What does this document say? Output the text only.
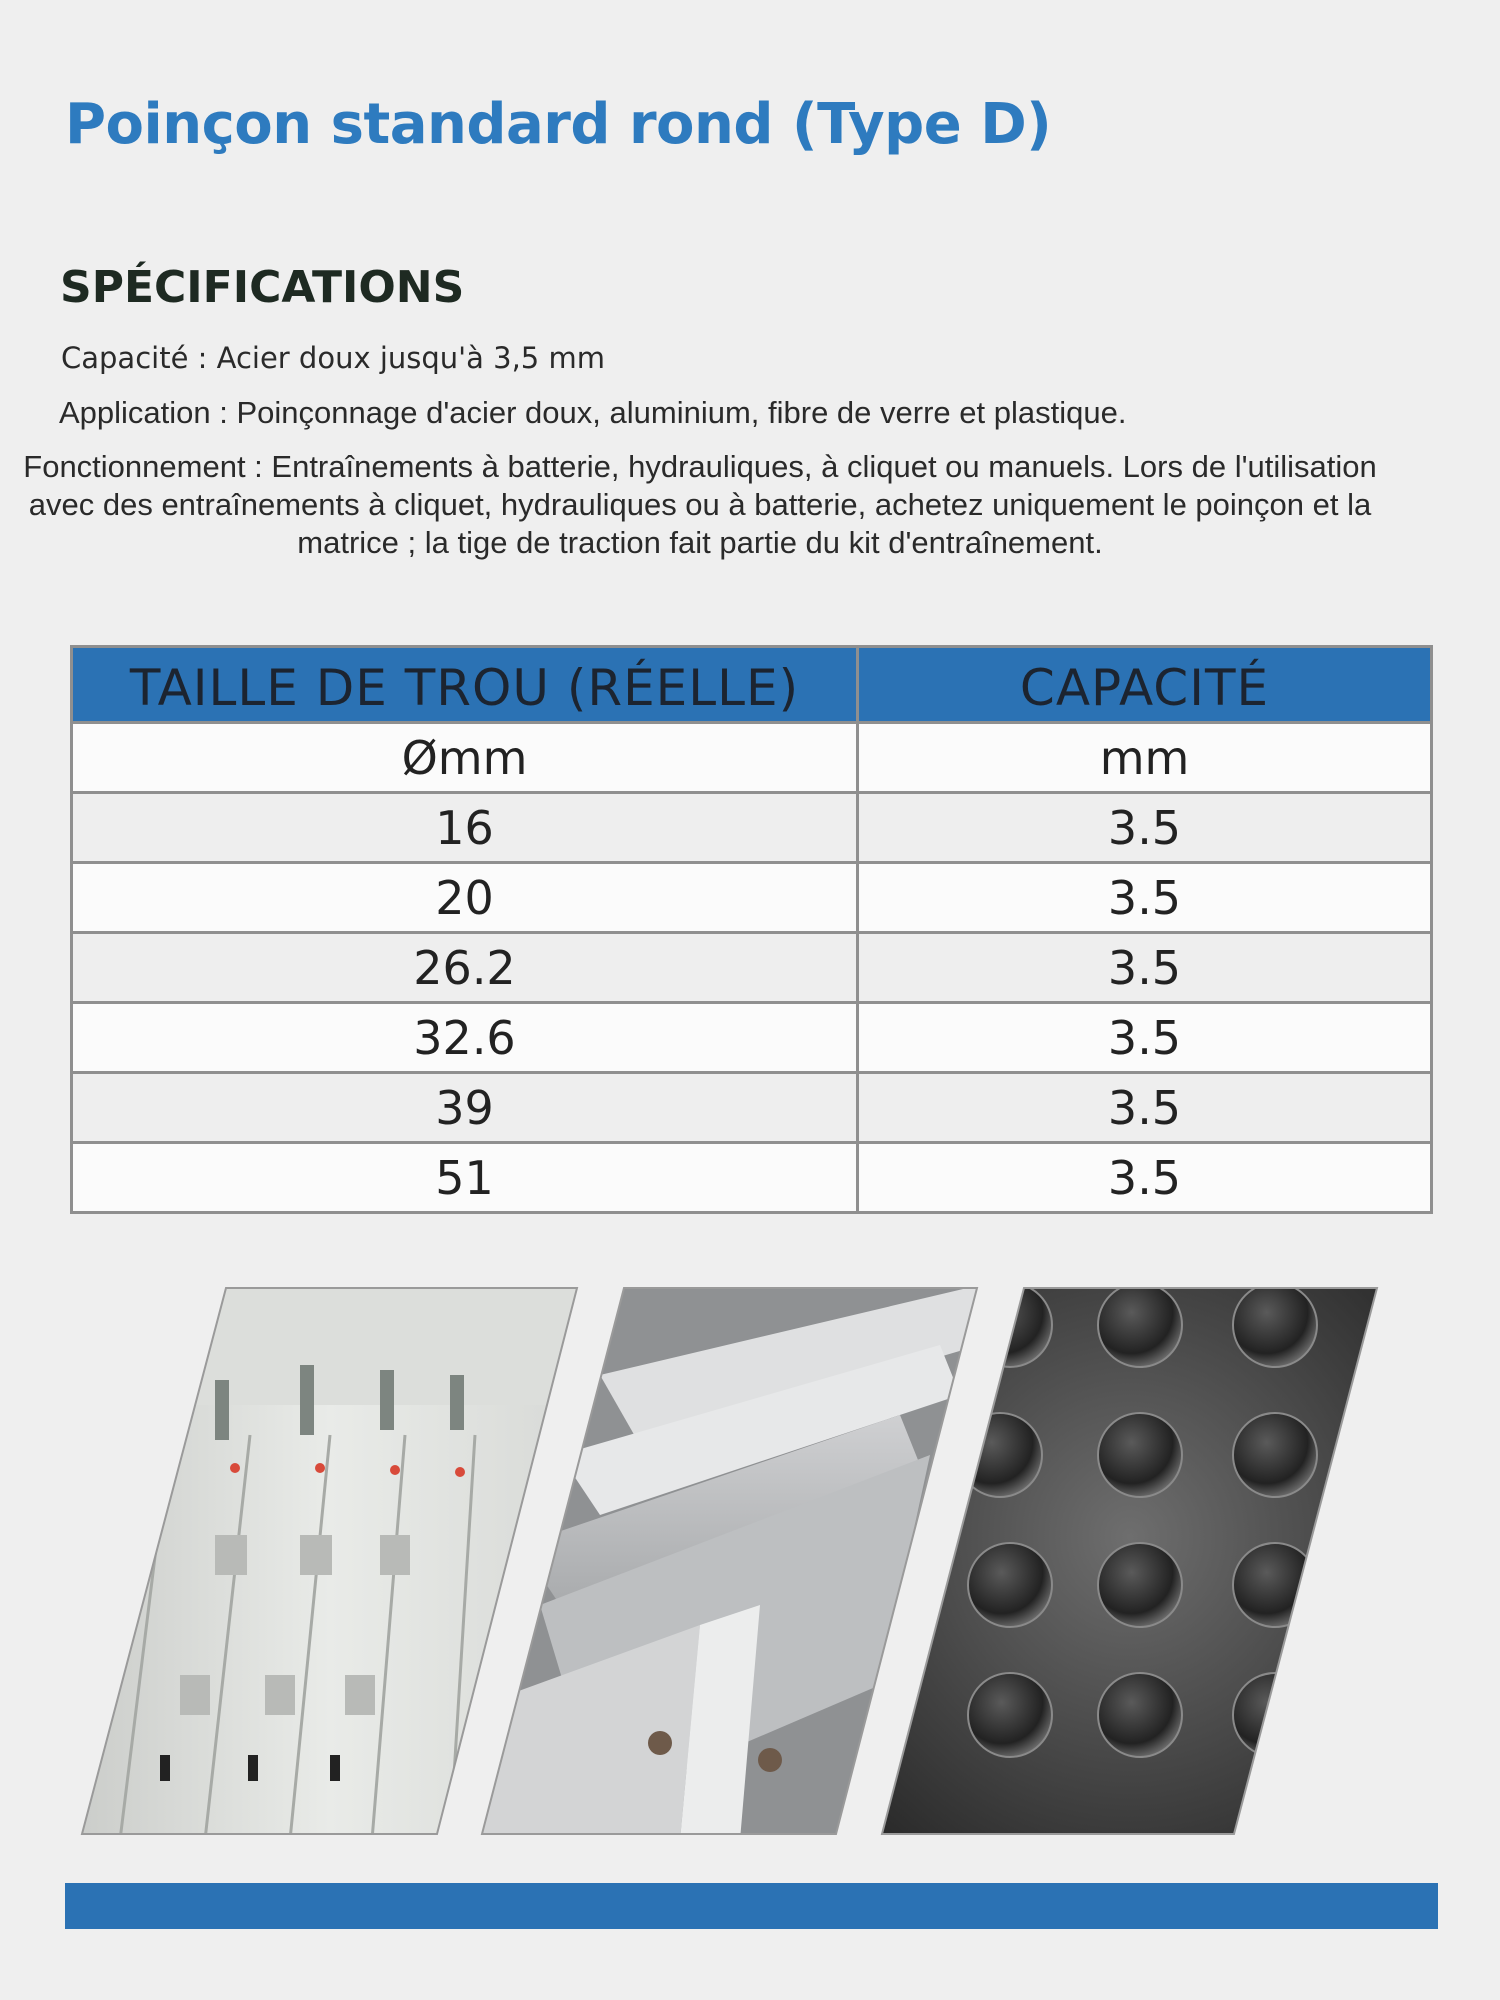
Poinçon standard rond (Type D)
SPÉCIFICATIONS
Capacité : Acier doux jusqu'à 3,5 mm
Application : Poinçonnage d'acier doux, aluminium, fibre de verre et plastique.
Fonctionnement : Entraînements à batterie, hydrauliques, à cliquet ou manuels. Lors de l'utilisation avec des entraînements à cliquet, hydrauliques ou à batterie, achetez uniquement le poinçon et la matrice ; la tige de traction fait partie du kit d'entraînement.
TAILLE DE TROU (RÉELLE)	CAPACITÉ
Ømm	mm
16	3.5
20	3.5
26.2	3.5
32.6	3.5
39	3.5
51	3.5
